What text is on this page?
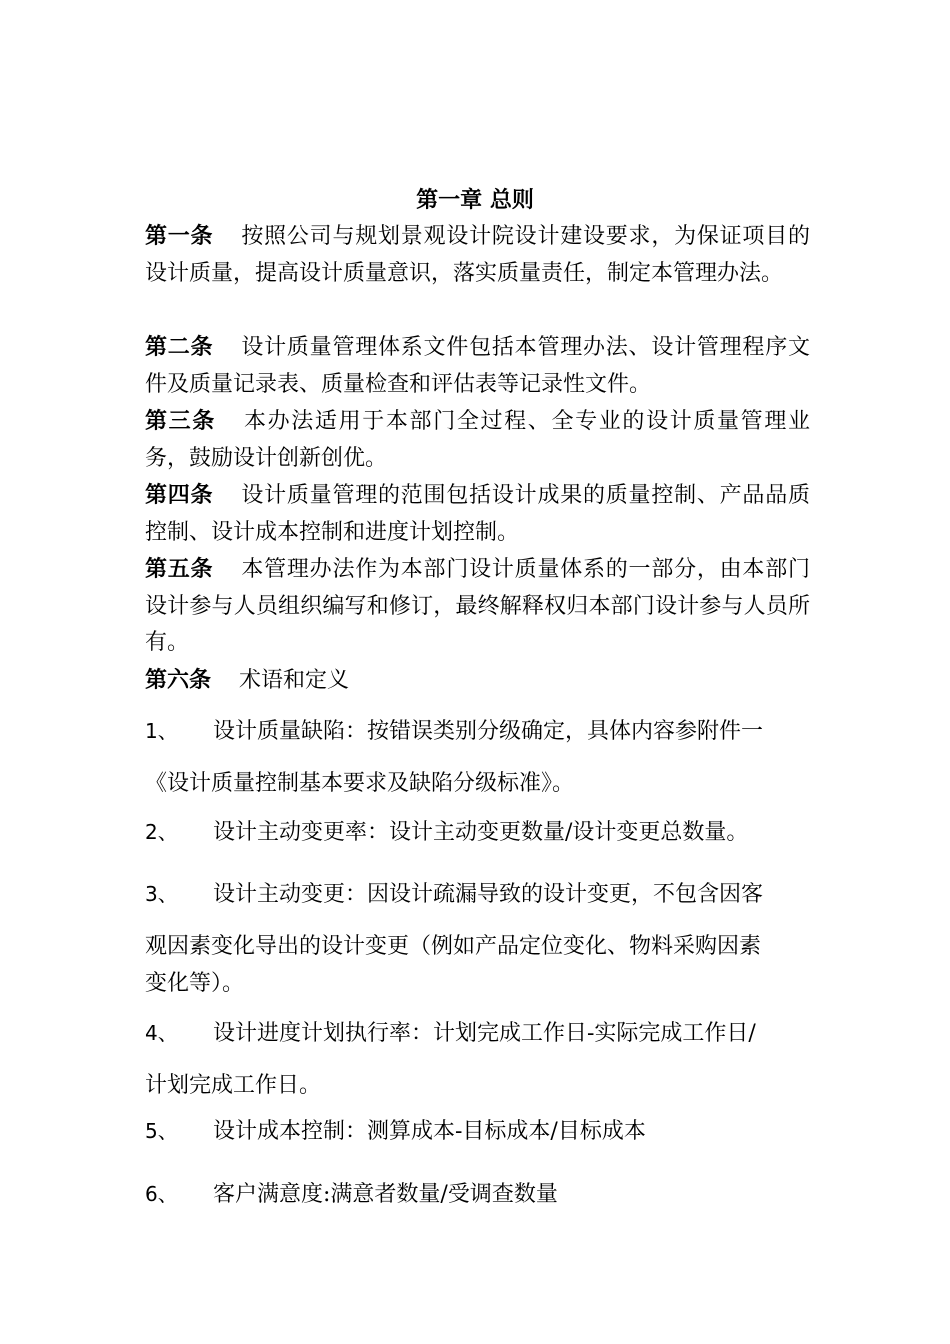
第一章 总则
第一条 按照公司与规划景观设计院设计建设要求，为保证项目的设计质量，提高设计质量意识，落实质量责任，制定本管理办法。
第二条 设计质量管理体系文件包括本管理办法、设计管理程序文件及质量记录表、质量检查和评估表等记录性文件。
第三条 本办法适用于本部门全过程、全专业的设计质量管理业务，鼓励设计创新创优。
第四条 设计质量管理的范围包括设计成果的质量控制、产品品质控制、设计成本控制和进度计划控制。
第五条 本管理办法作为本部门设计质量体系的一部分，由本部门设计参与人员组织编写和修订，最终解释权归本部门设计参与人员所有。
第六条 术语和定义
1、 设计质量缺陷：按错误类别分级确定，具体内容参附件一
《设计质量控制基本要求及缺陷分级标准》。
2、 设计主动变更率：设计主动变更数量/设计变更总数量。
3、 设计主动变更：因设计疏漏导致的设计变更，不包含因客
观因素变化导出的设计变更（例如产品定位变化、物料采购因素
变化等）。
4、 设计进度计划执行率：计划完成工作日-实际完成工作日/
计划完成工作日。
5、 设计成本控制：测算成本-目标成本/目标成本
6、 客户满意度:满意者数量/受调查数量
